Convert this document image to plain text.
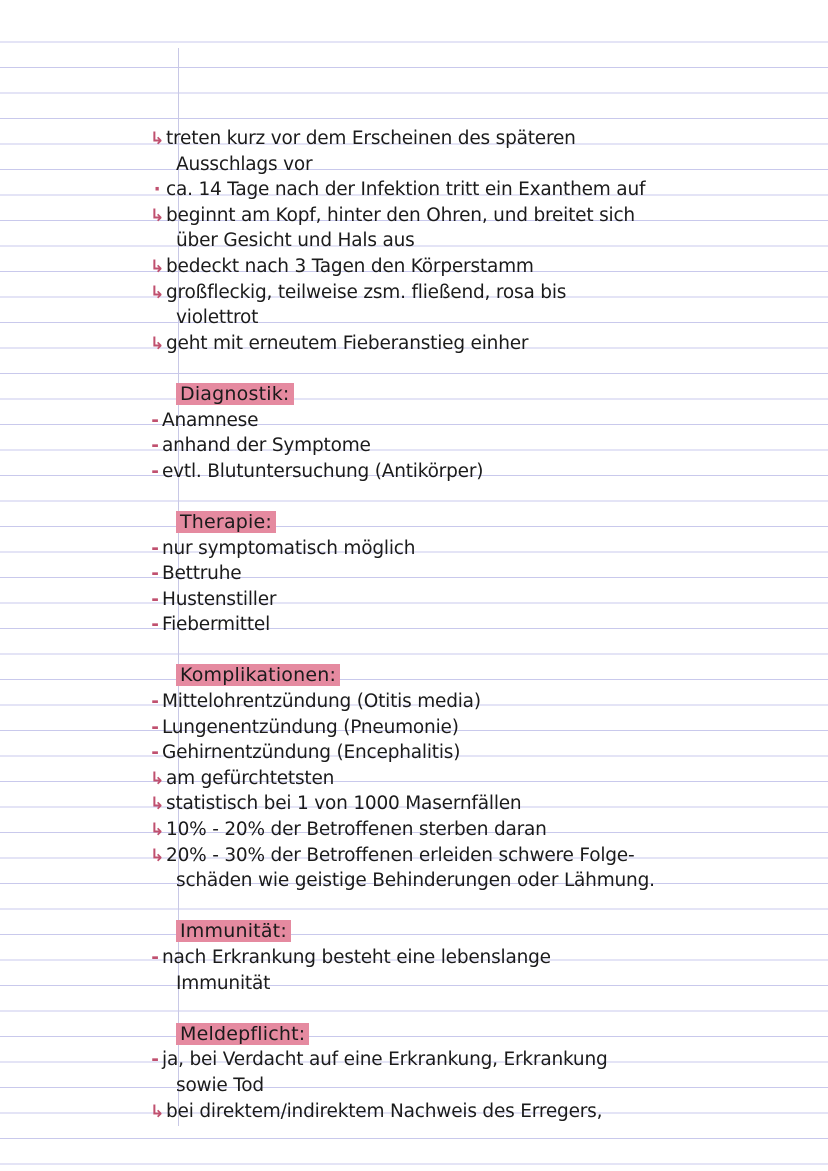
↳ treten kurz vor dem Erscheinen des späteren
Ausschlags vor
· ca. 14 Tage nach der Infektion tritt ein Exanthem auf
↳ beginnt am Kopf, hinter den Ohren, und breitet sich
über Gesicht und Hals aus
↳ bedeckt nach 3 Tagen den Körperstamm
↳ großfleckig, teilweise zsm. fließend, rosa bis
violettrot
↳ geht mit erneutem Fieberanstieg einher
Diagnostik:
- Anamnese
- anhand der Symptome
- evtl. Blutuntersuchung (Antikörper)
Therapie:
- nur symptomatisch möglich
- Bettruhe
- Hustenstiller
- Fiebermittel
Komplikationen:
- Mittelohrentzündung (Otitis media)
- Lungenentzündung (Pneumonie)
- Gehirnentzündung (Encephalitis)
↳ am gefürchtetsten
↳ statistisch bei 1 von 1000 Masernfällen
↳ 10% - 20% der Betroffenen sterben daran
↳ 20% - 30% der Betroffenen erleiden schwere Folge-
schäden wie geistige Behinderungen oder Lähmung.
Immunität:
- nach Erkrankung besteht eine lebenslange
Immunität
Meldepflicht:
- ja, bei Verdacht auf eine Erkrankung, Erkrankung
sowie Tod
↳ bei direktem/indirektem Nachweis des Erregers,
